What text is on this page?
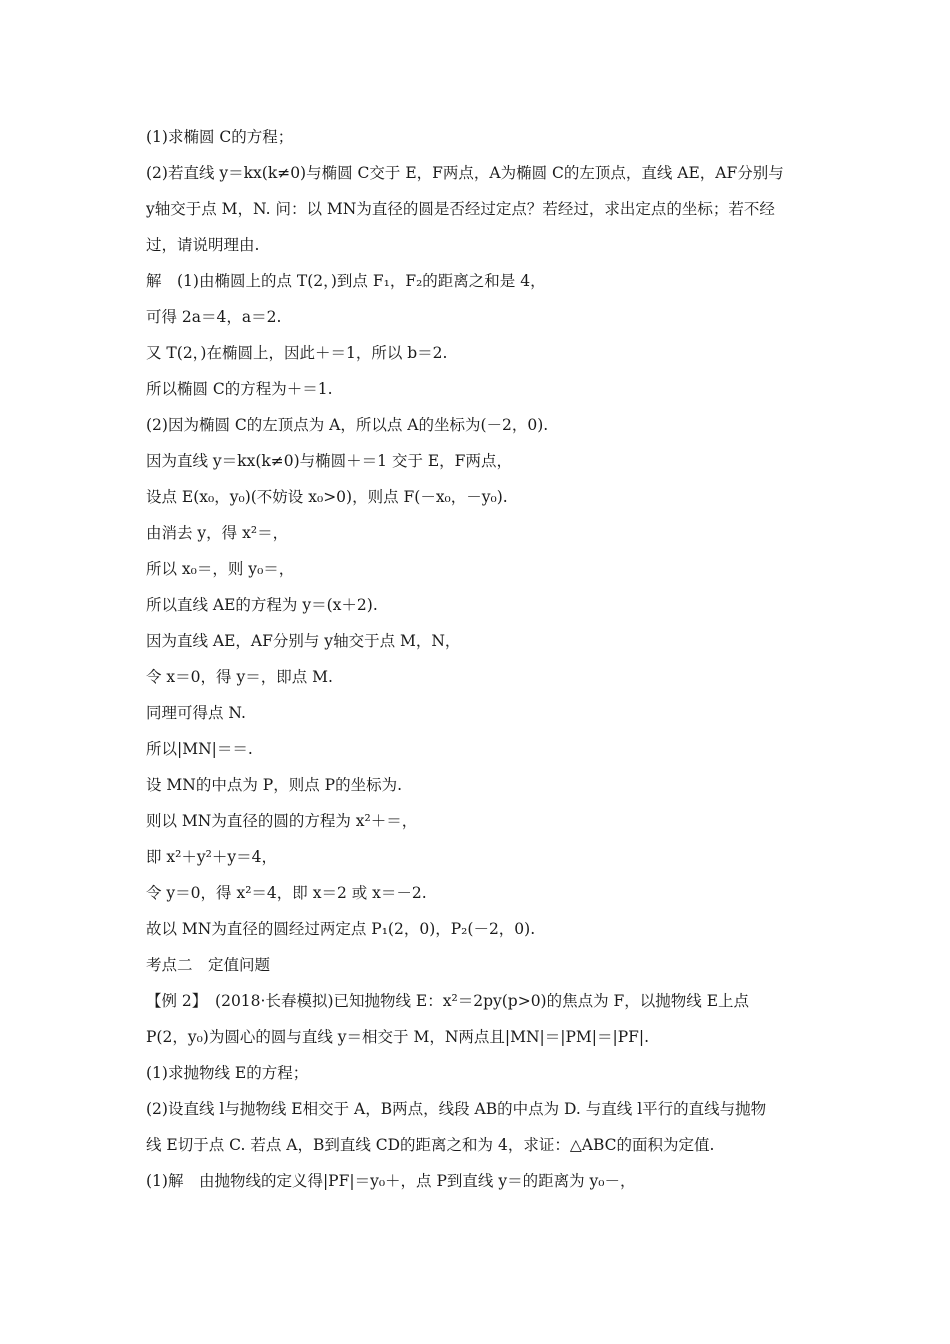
(1)求椭圆 C的方程；
(2)若直线 y＝kx(k≠0)与椭圆 C交于 E，F两点，A为椭圆 C的左顶点，直线 AE，AF分别与
y轴交于点 M，N. 问：以 MN为直径的圆是否经过定点？若经过，求出定点的坐标；若不经
过，请说明理由.
解　(1)由椭圆上的点 T(2，)到点 F₁，F₂的距离之和是 4，
可得 2a＝4，a＝2.
又 T(2，)在椭圆上，因此＋＝1，所以 b＝2.
所以椭圆 C的方程为＋＝1.
(2)因为椭圆 C的左顶点为 A，所以点 A的坐标为(－2，0).
因为直线 y＝kx(k≠0)与椭圆＋＝1 交于 E，F两点，
设点 E(x₀，y₀)(不妨设 x₀>0)，则点 F(－x₀，－y₀).
由消去 y，得 x²＝，
所以 x₀＝，则 y₀＝，
所以直线 AE的方程为 y＝(x＋2).
因为直线 AE，AF分别与 y轴交于点 M，N，
令 x＝0，得 y＝，即点 M.
同理可得点 N.
所以|MN|＝＝.
设 MN的中点为 P，则点 P的坐标为.
则以 MN为直径的圆的方程为 x²＋＝，
即 x²＋y²＋y＝4，
令 y＝0，得 x²＝4，即 x＝2 或 x＝－2.
故以 MN为直径的圆经过两定点 P₁(2，0)，P₂(－2，0).
考点二　定值问题
【例 2】　(2018·长春模拟)已知抛物线 E：x²＝2py(p>0)的焦点为 F，以抛物线 E上点
P(2，y₀)为圆心的圆与直线 y＝相交于 M，N两点且|MN|＝|PM|＝|PF|.
(1)求抛物线 E的方程；
(2)设直线 l与抛物线 E相交于 A，B两点，线段 AB的中点为 D. 与直线 l平行的直线与抛物
线 E切于点 C. 若点 A，B到直线 CD的距离之和为 4，求证：△ABC的面积为定值.
(1)解　由抛物线的定义得|PF|＝y₀＋，点 P到直线 y＝的距离为 y₀－，
